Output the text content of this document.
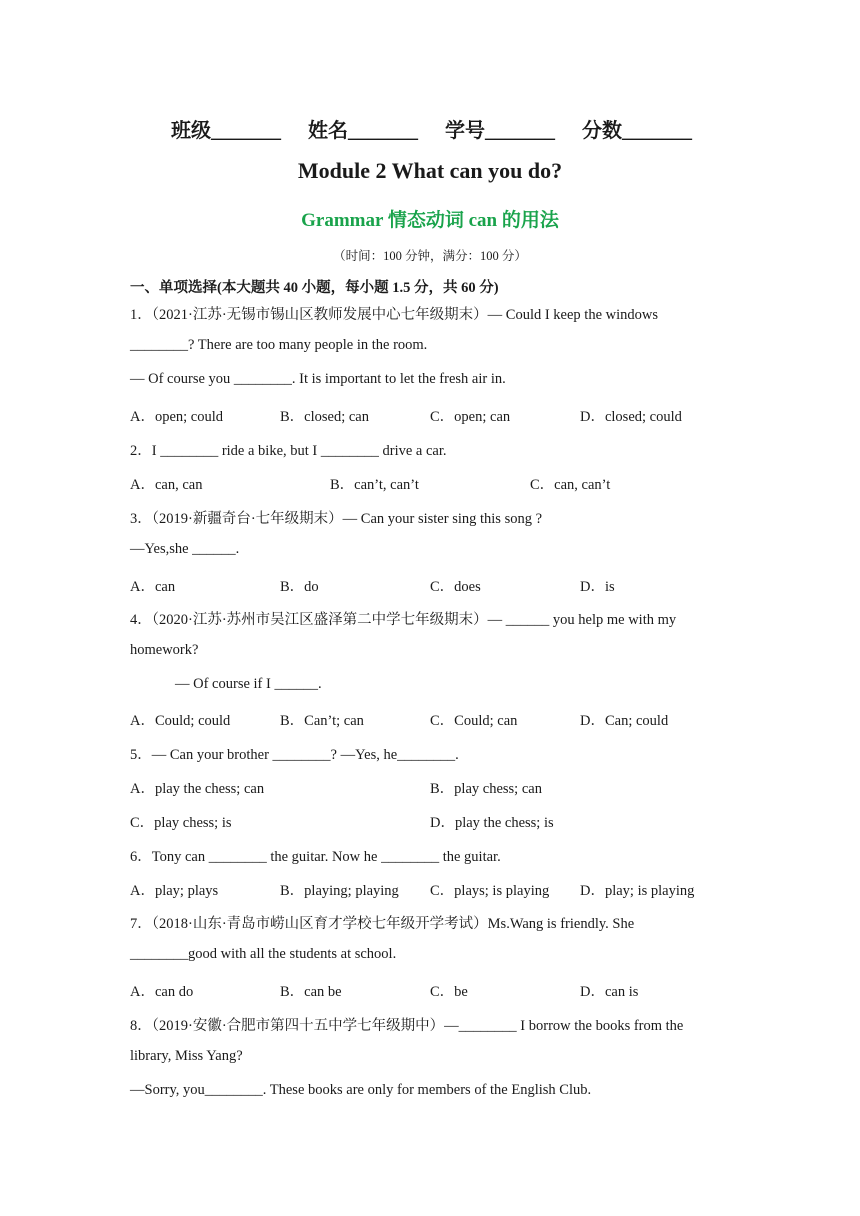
班级_______ 姓名_______ 学号_______ 分数_______
Module 2 What can you do?
Grammar 情态动词 can 的用法
（时间：100 分钟，满分：100 分）
一、单项选择(本大题共 40 小题，每小题 1.5 分，共 60 分)
1．（2021·江苏·无锡市锡山区教师发展中心七年级期末）— Could I keep the windows
________? There are too many people in the room.
— Of course you ________. It is important to let the fresh air in.
A．open; could	B．closed; can	C．open; can	D．closed; could
2．I ________ ride a bike, but I ________ drive a car.
A．can, can	B．can’t, can’t	C．can, can’t
3．（2019·新疆奇台·七年级期末）— Can your sister sing this song ?
—Yes,she ______.
A．can	B．do	C．does	D．is
4．（2020·江苏·苏州市吴江区盛泽第二中学七年级期末）— ______ you help me with my
homework?
— Of course if I ______.
A．Could; could	B．Can’t; can	C．Could; can	D．Can; could
5．— Can your brother ________? —Yes, he________.
A．play the chess; can	B．play chess; can
C．play chess; is	D．play the chess; is
6．Tony can ________ the guitar. Now he ________ the guitar.
A．play; plays	B．playing; playing C．plays; is playing D．play; is playing
7．（2018·山东·青岛市崂山区育才学校七年级开学考试）Ms.Wang is friendly. She
________good with all the students at school.
A．can do	B．can be	C．be	D．can is
8．（2019·安徽·合肥市第四十五中学七年级期中）—________ I borrow the books from the
library, Miss Yang?
—Sorry, you________. These books are only for members of the English Club.
